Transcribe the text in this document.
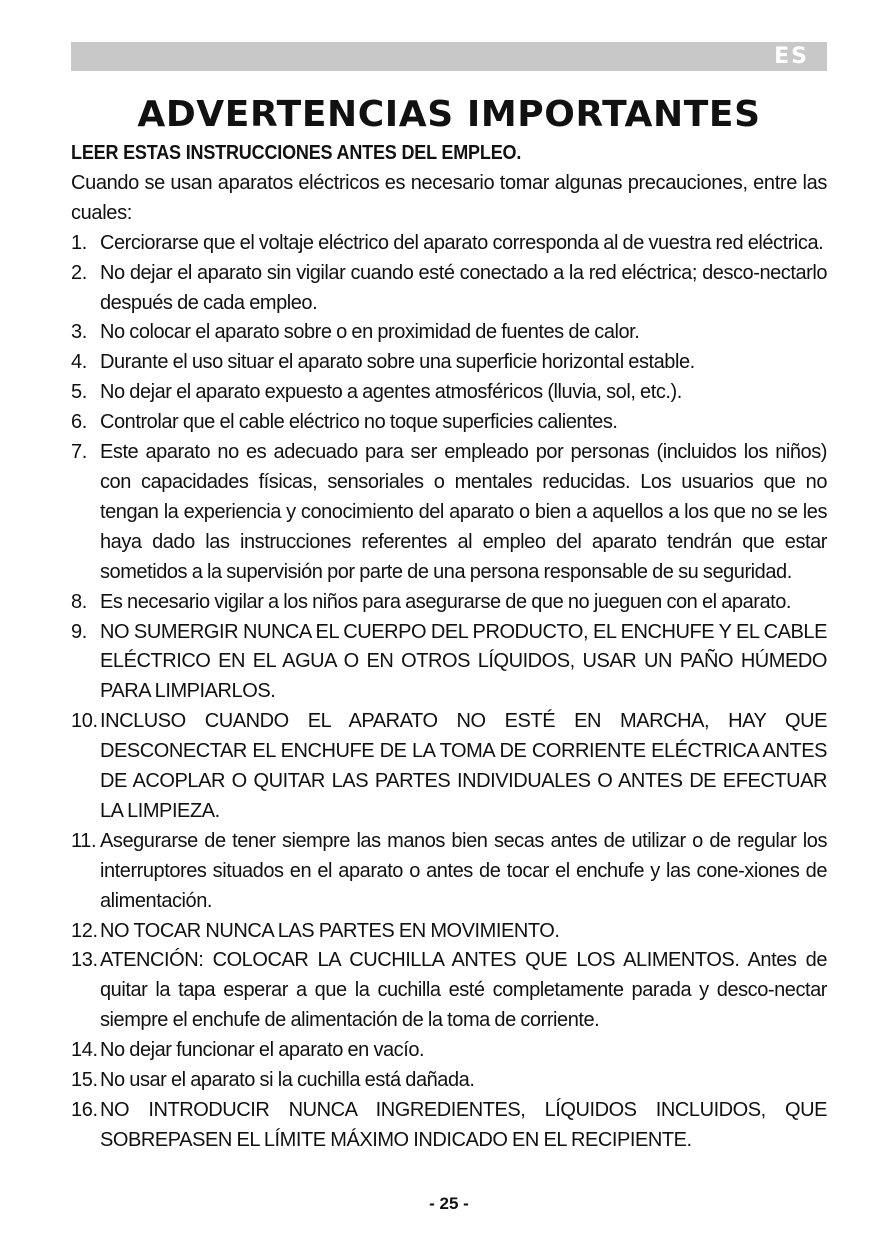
ES
ADVERTENCIAS IMPORTANTES

LEER ESTAS INSTRUCCIONES ANTES DEL EMPLEO.

Cuando se usan aparatos eléctricos es necesario tomar algunas precauciones, entre las cuales:

1. Cerciorarse que el voltaje eléctrico del aparato corresponda al de vuestra red eléctrica.
2. No dejar el aparato sin vigilar cuando esté conectado a la red eléctrica; desco-nectarlo después de cada empleo.
3. No colocar el aparato sobre o en proximidad de fuentes de calor.
4. Durante el uso situar el aparato sobre una superficie horizontal estable.
5. No dejar el aparato expuesto a agentes atmosféricos (lluvia, sol, etc.).
6. Controlar que el cable eléctrico no toque superficies calientes.
7. Este aparato no es adecuado para ser empleado por personas (incluidos los niños) con capacidades físicas, sensoriales o mentales reducidas. Los usuarios que no tengan la experiencia y conocimiento del aparato o bien a aquellos a los que no se les haya dado las instrucciones referentes al empleo del aparato tendrán que estar sometidos a la supervisión por parte de una persona responsable de su seguridad.
8. Es necesario vigilar a los niños para asegurarse de que no jueguen con el aparato.
9. NO SUMERGIR NUNCA EL CUERPO DEL PRODUCTO, EL ENCHUFE Y EL CABLE ELÉCTRICO EN EL AGUA O EN OTROS LÍQUIDOS, USAR UN PAÑO HÚMEDO PARA LIMPIARLOS.
10. INCLUSO CUANDO EL APARATO NO ESTÉ EN MARCHA, HAY QUE DESCONECTAR EL ENCHUFE DE LA TOMA DE CORRIENTE ELÉCTRICA ANTES DE ACOPLAR O QUITAR LAS PARTES INDIVIDUALES O ANTES DE EFECTUAR LA LIMPIEZA.
11. Asegurarse de tener siempre las manos bien secas antes de utilizar o de regular los interruptores situados en el aparato o antes de tocar el enchufe y las cone-xiones de alimentación.
12. NO TOCAR NUNCA LAS PARTES EN MOVIMIENTO.
13. ATENCIÓN: COLOCAR LA CUCHILLA ANTES QUE LOS ALIMENTOS. Antes de quitar la tapa esperar a que la cuchilla esté completamente parada y desco-nectar siempre el enchufe de alimentación de la toma de corriente.
14. No dejar funcionar el aparato en vacío.
15. No usar el aparato si la cuchilla está dañada.
16. NO INTRODUCIR NUNCA INGREDIENTES, LÍQUIDOS INCLUIDOS, QUE SOBREPASEN EL LÍMITE MÁXIMO INDICADO EN EL RECIPIENTE.
- 25 -
